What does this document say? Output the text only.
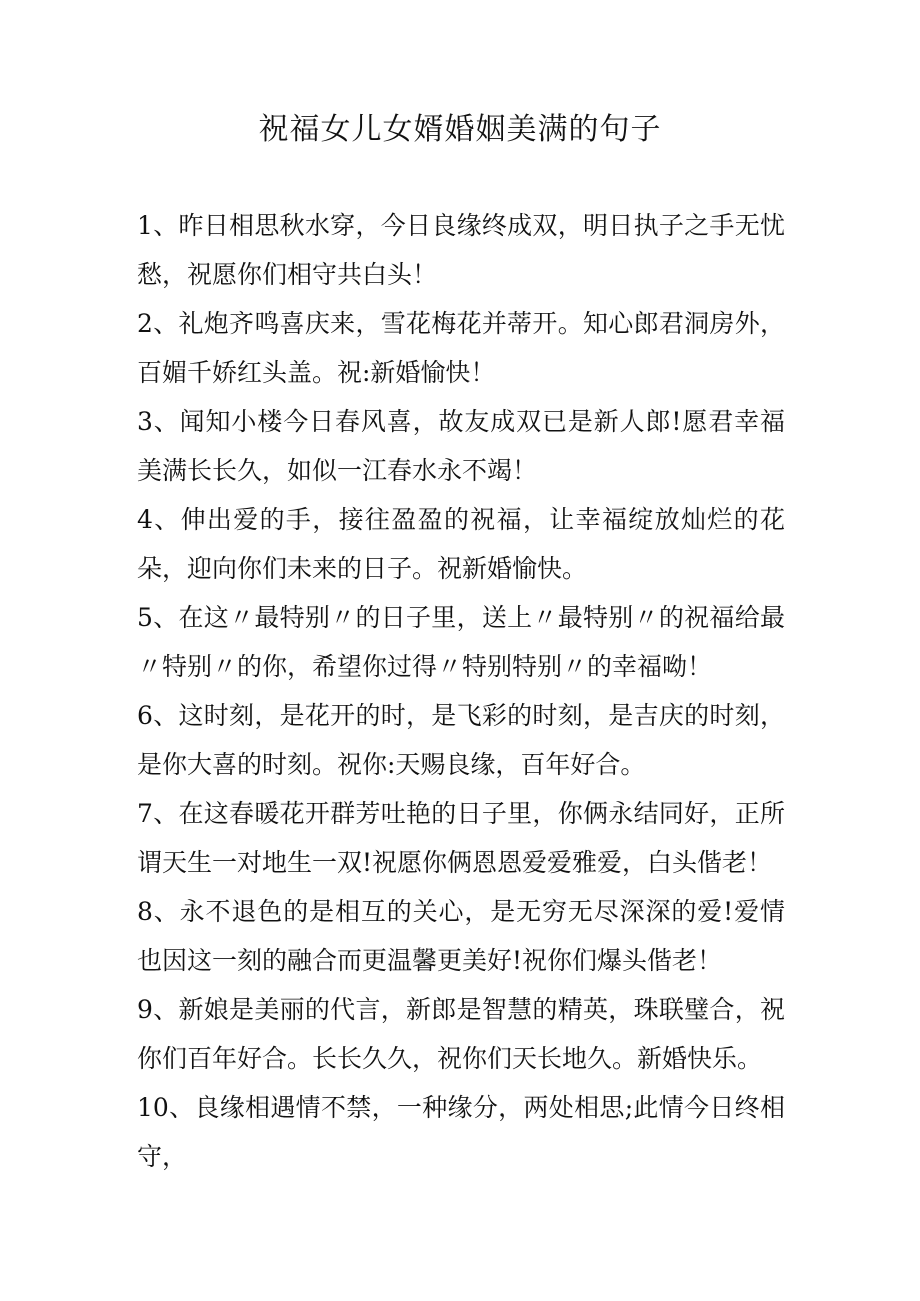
祝福女儿女婿婚姻美满的句子

1、昨日相思秋水穿，今日良缘终成双，明日执子之手无忧愁，祝愿你们相守共白头！

2、礼炮齐鸣喜庆来，雪花梅花并蒂开。知心郎君洞房外，百媚千娇红头盖。祝:新婚愉快！

3、闻知小楼今日春风喜，故友成双已是新人郎!愿君幸福美满长长久，如似一江春水永不竭！

4、伸出爱的手，接往盈盈的祝福，让幸福绽放灿烂的花朵，迎向你们未来的日子。祝新婚愉快。

5、在这〃最特别〃的日子里，送上〃最特别〃的祝福给最〃特别〃的你，希望你过得〃特别特别〃的幸福呦！

6、这时刻，是花开的时，是飞彩的时刻，是吉庆的时刻，是你大喜的时刻。祝你:天赐良缘，百年好合。

7、在这春暖花开群芳吐艳的日子里，你俩永结同好，正所谓天生一对地生一双!祝愿你俩恩恩爱爱雅爱，白头偕老！

8、永不退色的是相互的关心，是无穷无尽深深的爱!爱情也因这一刻的融合而更温馨更美好!祝你们爆头偕老！

9、新娘是美丽的代言，新郎是智慧的精英，珠联璧合，祝你们百年好合。长长久久，祝你们天长地久。新婚快乐。

10、良缘相遇情不禁，一种缘分，两处相思;此情今日终相守，
